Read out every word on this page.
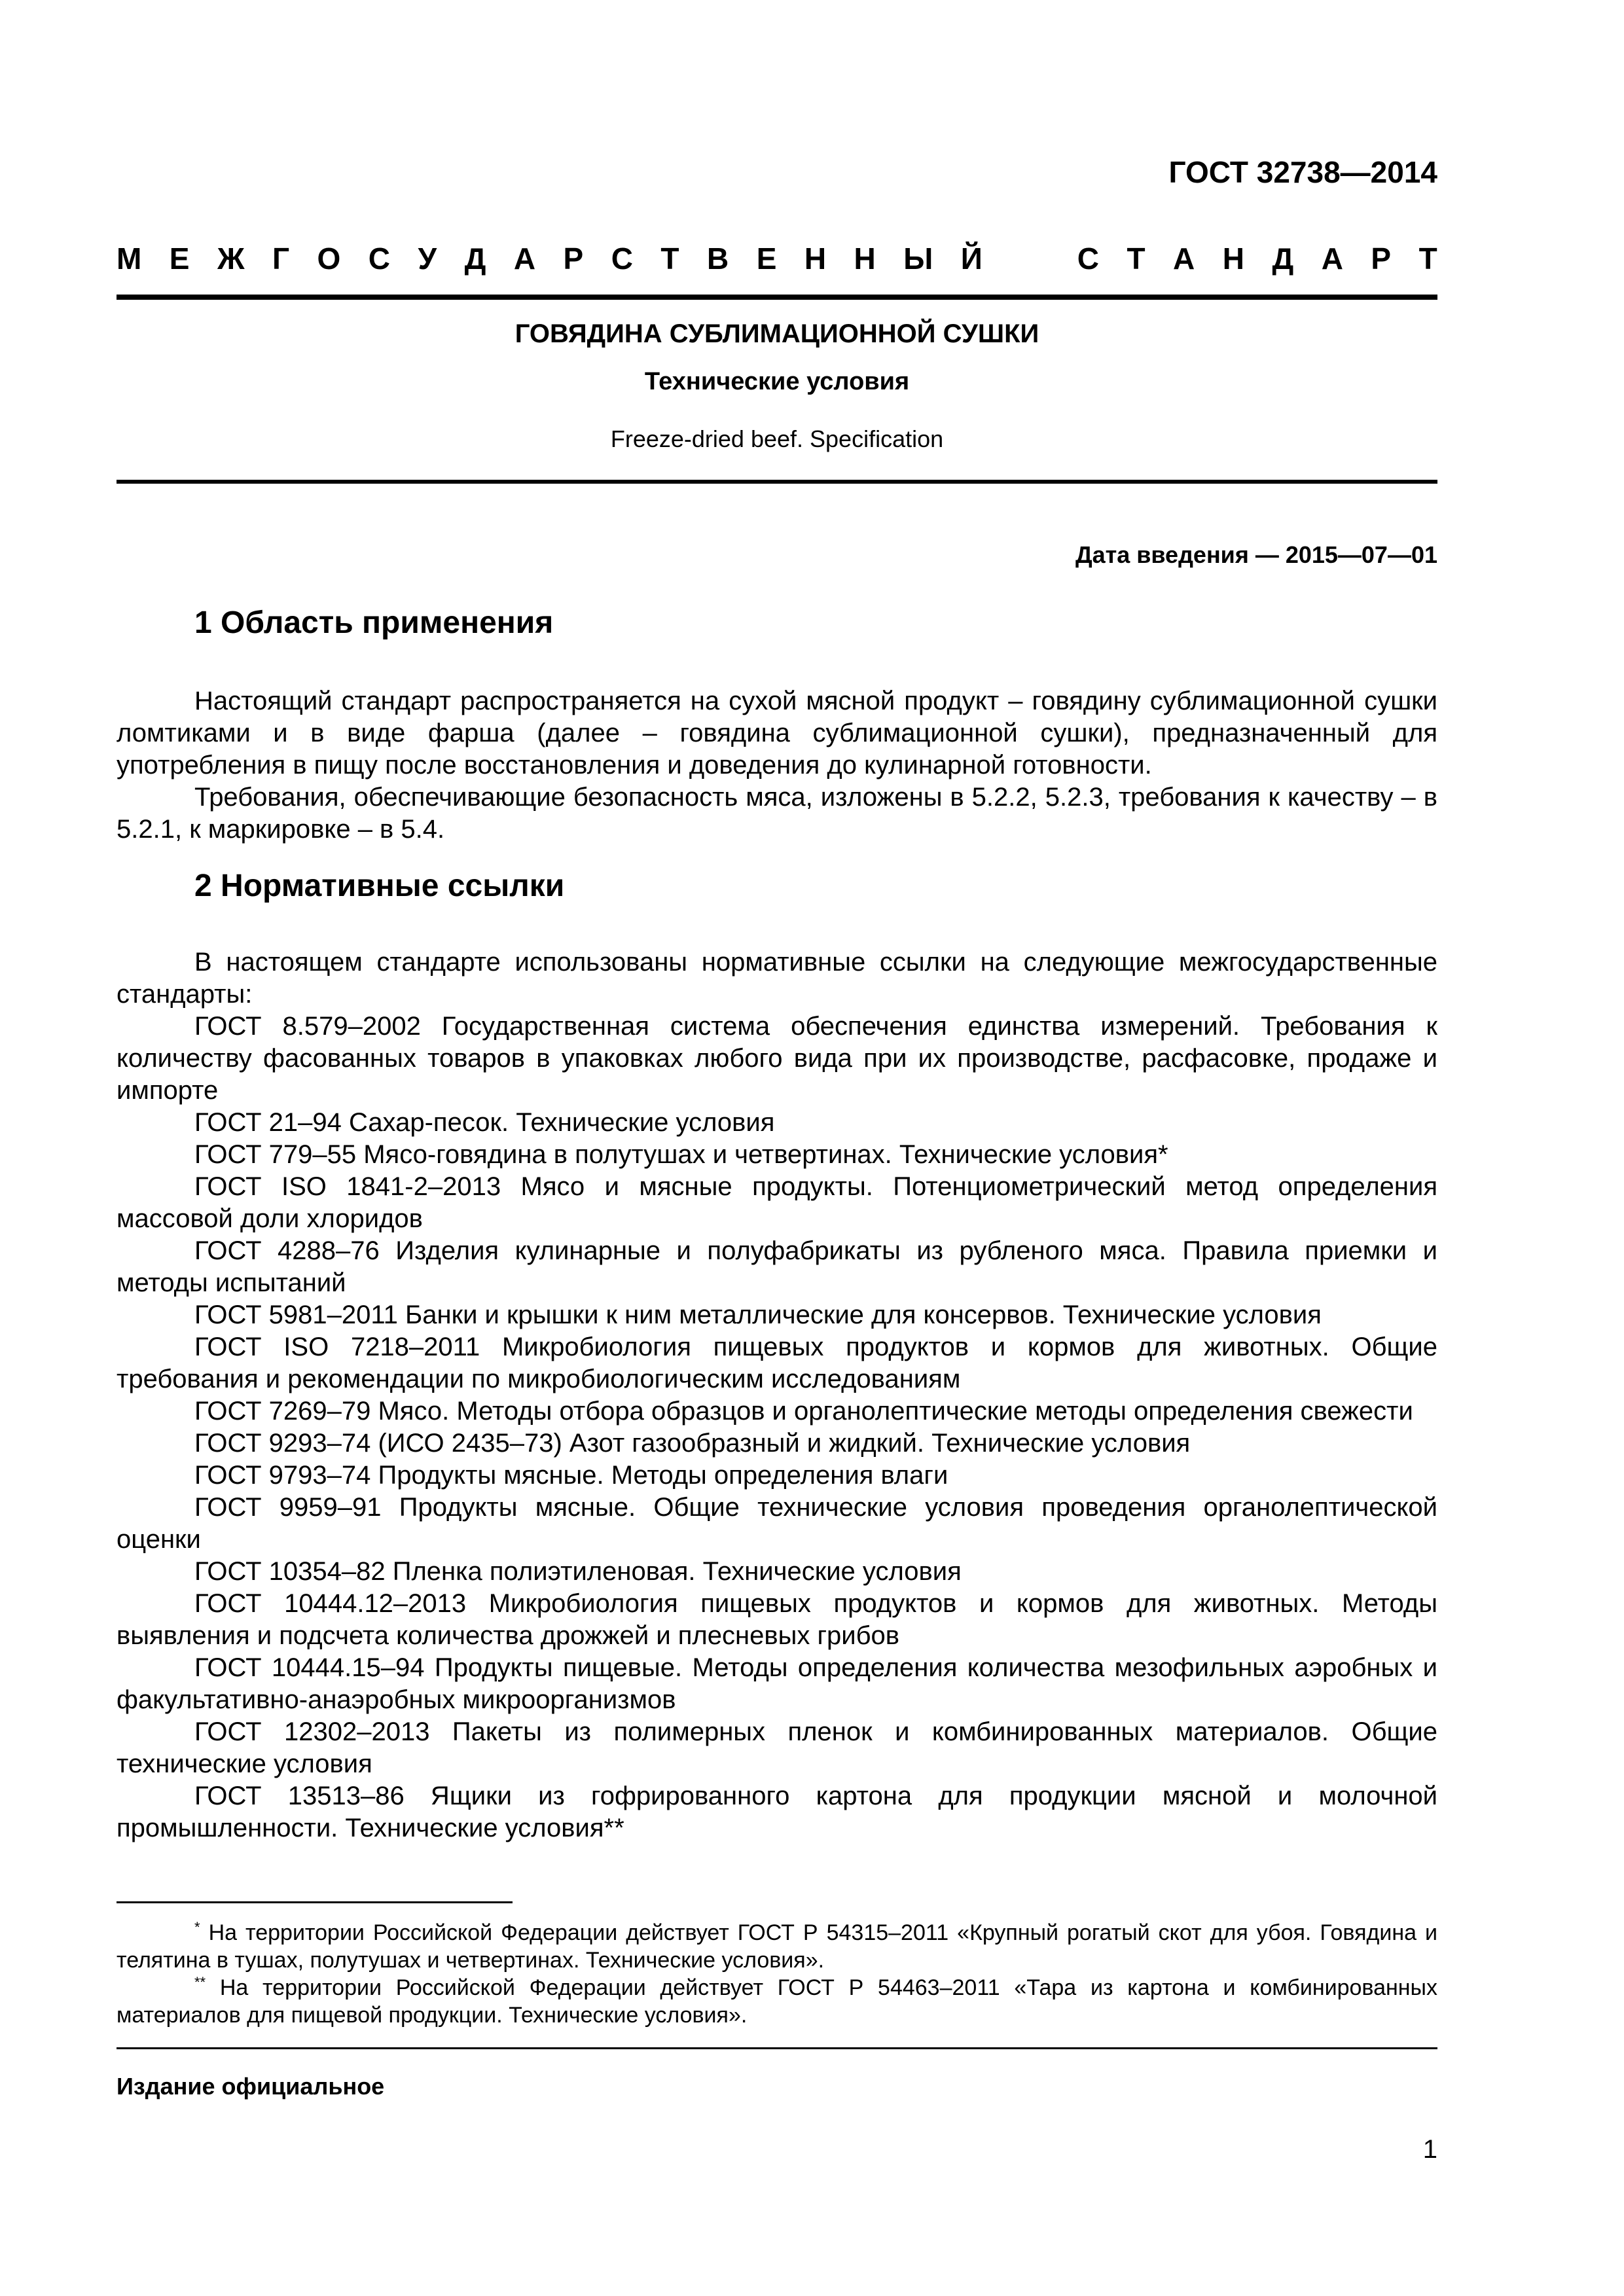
ГОСТ 32738—2014

М Е Ж Г О С У Д А Р С Т В Е Н Н Ы Й	С Т А Н Д А Р Т

ГОВЯДИНА СУБЛИМАЦИОННОЙ СУШКИ

Технические условия

Freeze-dried beef. Specification

Дата введения — 2015—07—01

1 Область применения

Настоящий стандарт распространяется на сухой мясной продукт – говядину сублимационной сушки ломтиками и в виде фарша (далее – говядина сублимационной сушки), предназначенный для употребления в пищу после восстановления и доведения до кулинарной готовности.

Требования, обеспечивающие безопасность мяса, изложены в 5.2.2, 5.2.3, требования к качеству – в 5.2.1, к маркировке – в 5.4.

2 Нормативные ссылки

В настоящем стандарте использованы нормативные ссылки на следующие межгосударственные стандарты:

ГОСТ 8.579–2002 Государственная система обеспечения единства измерений. Требования к количеству фасованных товаров в упаковках любого вида при их производстве, расфасовке, продаже и импорте

ГОСТ 21–94 Сахар-песок. Технические условия

ГОСТ 779–55 Мясо-говядина в полутушах и четвертинах. Технические условия*

ГОСТ ISO 1841-2–2013 Мясо и мясные продукты. Потенциометрический метод определения массовой доли хлоридов

ГОСТ 4288–76 Изделия кулинарные и полуфабрикаты из рубленого мяса. Правила приемки и методы испытаний

ГОСТ 5981–2011 Банки и крышки к ним металлические для консервов. Технические условия

ГОСТ ISO 7218–2011 Микробиология пищевых продуктов и кормов для животных. Общие требования и рекомендации по микробиологическим исследованиям

ГОСТ 7269–79 Мясо. Методы отбора образцов и органолептические методы определения свежести

ГОСТ 9293–74 (ИСО 2435–73) Азот газообразный и жидкий. Технические условия

ГОСТ 9793–74 Продукты мясные. Методы определения влаги

ГОСТ 9959–91 Продукты мясные. Общие технические условия проведения органолептической оценки

ГОСТ 10354–82 Пленка полиэтиленовая. Технические условия

ГОСТ 10444.12–2013 Микробиология пищевых продуктов и кормов для животных. Методы выявления и подсчета количества дрожжей и плесневых грибов

ГОСТ 10444.15–94 Продукты пищевые. Методы определения количества мезофильных аэробных и факультативно-анаэробных микроорганизмов

ГОСТ 12302–2013 Пакеты из полимерных пленок и комбинированных материалов. Общие технические условия

ГОСТ 13513–86 Ящики из гофрированного картона для продукции мясной и молочной промышленности. Технические условия**

* На территории Российской Федерации действует ГОСТ Р 54315–2011 «Крупный рогатый скот для убоя. Говядина и телятина в тушах, полутушах и четвертинах. Технические условия».

** На территории Российской Федерации действует ГОСТ Р 54463–2011 «Тара из картона и комбинированных материалов для пищевой продукции. Технические условия».

Издание официальное

1
